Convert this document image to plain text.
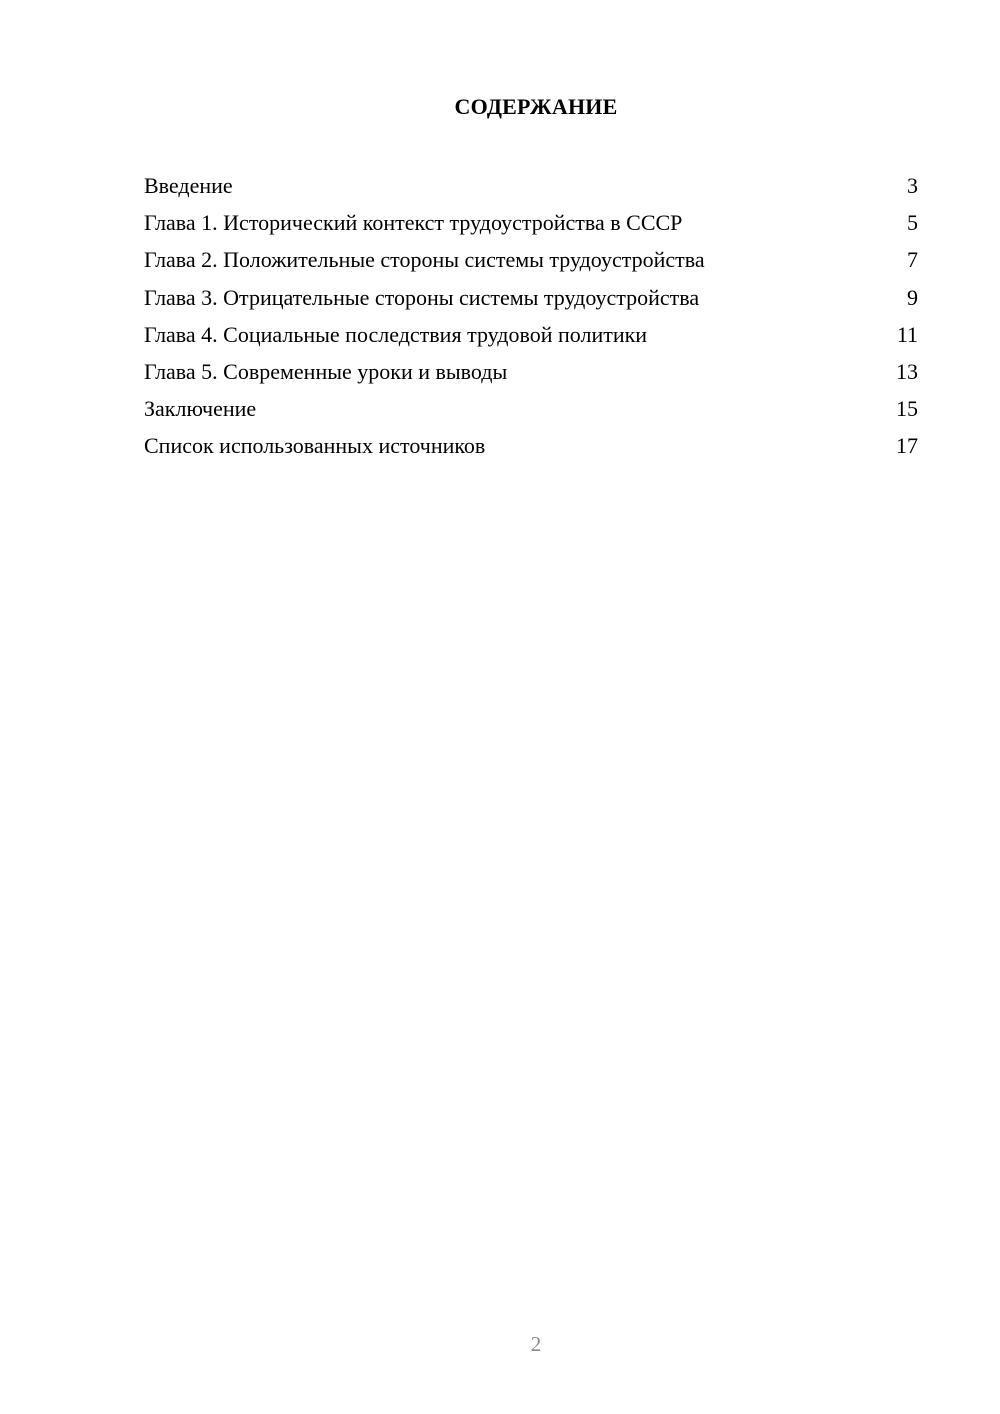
СОДЕРЖАНИЕ
Введение	3
Глава 1. Исторический контекст трудоустройства в СССР	5
Глава 2. Положительные стороны системы трудоустройства	7
Глава 3. Отрицательные стороны системы трудоустройства	9
Глава 4. Социальные последствия трудовой политики	11
Глава 5. Современные уроки и выводы	13
Заключение	15
Список использованных источников	17
2
